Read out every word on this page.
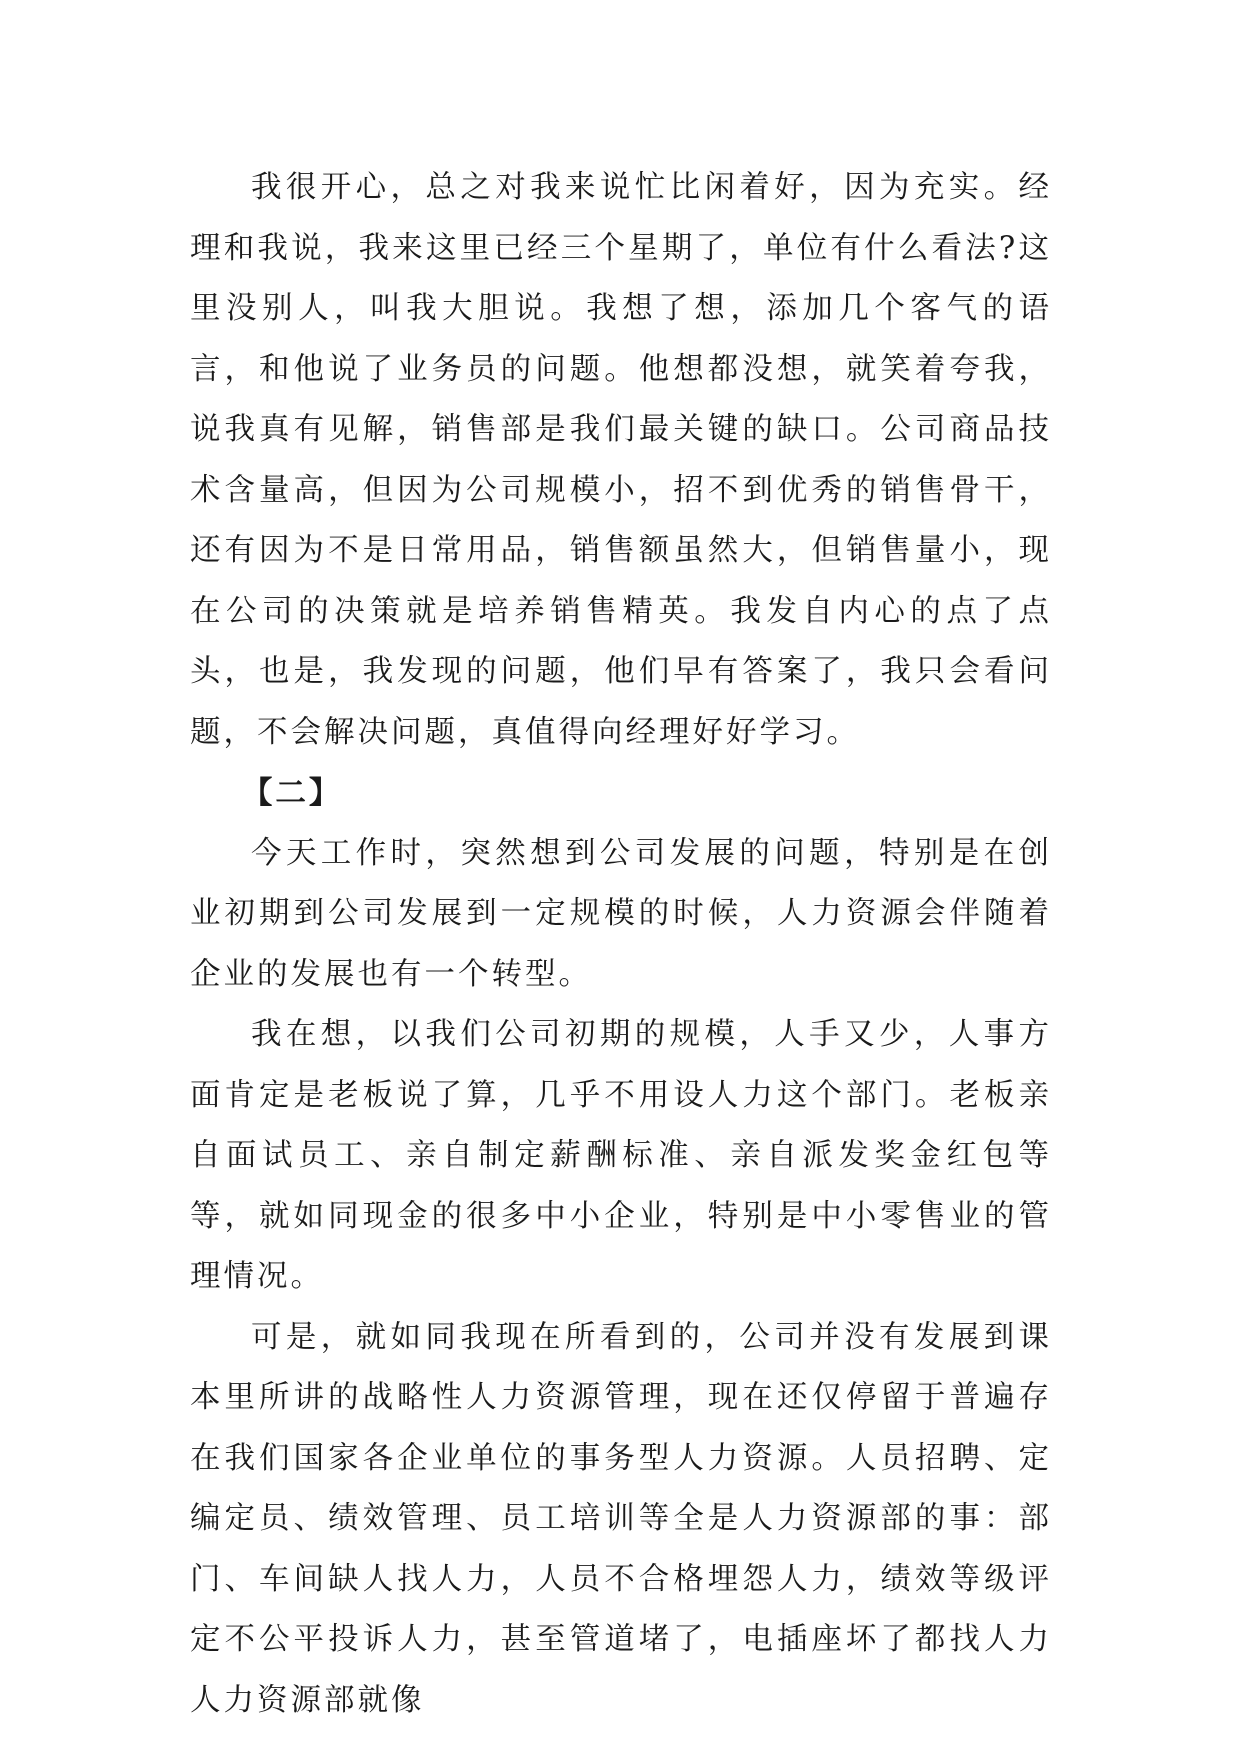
我很开心，总之对我来说忙比闲着好，因为充实。经理和我说，我来这里已经三个星期了，单位有什么看法?这里没别人，叫我大胆说。我想了想，添加几个客气的语言，和他说了业务员的问题。他想都没想，就笑着夸我，说我真有见解，销售部是我们最关键的缺口。公司商品技术含量高，但因为公司规模小，招不到优秀的销售骨干，还有因为不是日常用品，销售额虽然大，但销售量小，现在公司的决策就是培养销售精英。我发自内心的点了点头，也是，我发现的问题，他们早有答案了，我只会看问题，不会解决问题，真值得向经理好好学习。

【二】

今天工作时，突然想到公司发展的问题，特别是在创业初期到公司发展到一定规模的时候，人力资源会伴随着企业的发展也有一个转型。

我在想，以我们公司初期的规模，人手又少，人事方面肯定是老板说了算，几乎不用设人力这个部门。老板亲自面试员工、亲自制定薪酬标准、亲自派发奖金红包等等，就如同现金的很多中小企业，特别是中小零售业的管理情况。

可是，就如同我现在所看到的，公司并没有发展到课本里所讲的战略性人力资源管理，现在还仅停留于普遍存在我们国家各企业单位的事务型人力资源。人员招聘、定编定员、绩效管理、员工培训等全是人力资源部的事：部门、车间缺人找人力，人员不合格埋怨人力，绩效等级评定不公平投诉人力，甚至管道堵了，电插座坏了都找人力人力资源部就像
